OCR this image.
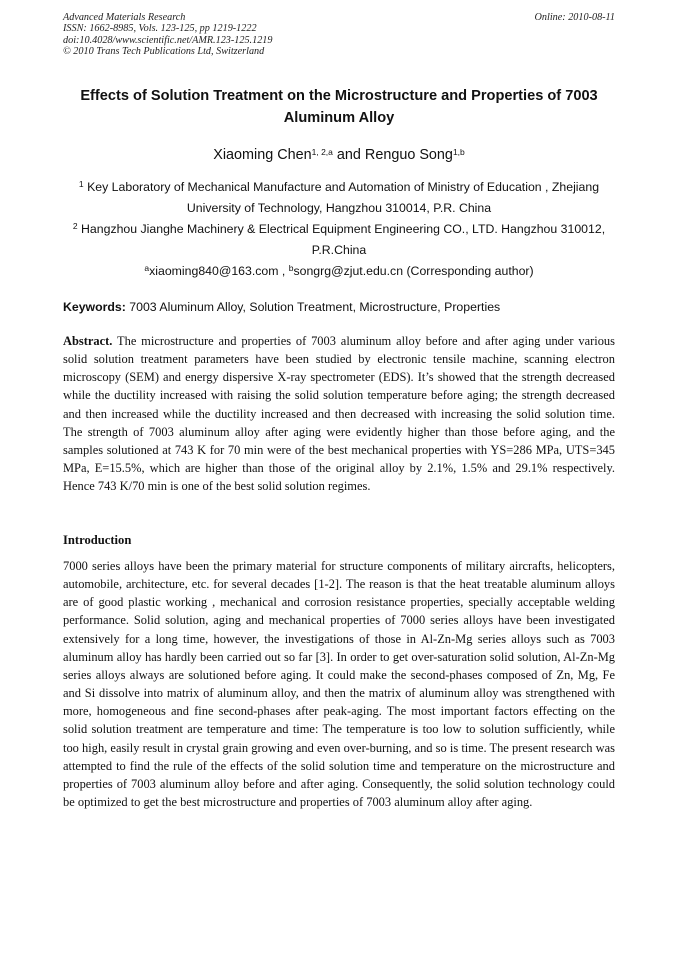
Advanced Materials Research
ISSN: 1662-8985, Vols. 123-125, pp 1219-1222
doi:10.4028/www.scientific.net/AMR.123-125.1219
© 2010 Trans Tech Publications Ltd, Switzerland
Online: 2010-08-11
Effects of Solution Treatment on the Microstructure and Properties of 7003 Aluminum Alloy
Xiaoming Chen$^{1, 2,a}$ and Renguo Song$^{1,b}$
$^1$ Key Laboratory of Mechanical Manufacture and Automation of Ministry of Education , Zhejiang University of Technology, Hangzhou 310014, P.R. China
$^2$ Hangzhou Jianghe Machinery & Electrical Equipment Engineering CO., LTD. Hangzhou 310012, P.R.China
$^a$xiaoming840@163.com , $^b$songrg@zjut.edu.cn (Corresponding author)
Keywords: 7003 Aluminum Alloy, Solution Treatment, Microstructure, Properties
Abstract. The microstructure and properties of 7003 aluminum alloy before and after aging under various solid solution treatment parameters have been studied by electronic tensile machine, scanning electron microscopy (SEM) and energy dispersive X-ray spectrometer (EDS). It’s showed that the strength decreased while the ductility increased with raising the solid solution temperature before aging; the strength decreased and then increased while the ductility increased and then decreased with increasing the solid solution time. The strength of 7003 aluminum alloy after aging were evidently higher than those before aging, and the samples solutioned at 743 K for 70 min were of the best mechanical properties with YS=286 MPa, UTS=345 MPa, E=15.5%, which are higher than those of the original alloy by 2.1%, 1.5% and 29.1% respectively. Hence 743 K/70 min is one of the best solid solution regimes.
Introduction
7000 series alloys have been the primary material for structure components of military aircrafts, helicopters, automobile, architecture, etc. for several decades [1-2]. The reason is that the heat treatable aluminum alloys are of good plastic working , mechanical and corrosion resistance properties, specially acceptable welding performance. Solid solution, aging and mechanical properties of 7000 series alloys have been investigated extensively for a long time, however, the investigations of those in Al-Zn-Mg series alloys such as 7003 aluminum alloy has hardly been carried out so far [3]. In order to get over-saturation solid solution, Al-Zn-Mg series alloys always are solutioned before aging. It could make the second-phases composed of Zn, Mg, Fe and Si dissolve into matrix of aluminum alloy, and then the matrix of aluminum alloy was strengthened with more, homogeneous and fine second-phases after peak-aging. The most important factors effecting on the solid solution treatment are temperature and time: The temperature is too low to solution sufficiently, while too high, easily result in crystal grain growing and even over-burning, and so is time. The present research was attempted to find the rule of the effects of the solid solution time and temperature on the microstructure and properties of 7003 aluminum alloy before and after aging. Consequently, the solid solution technology could be optimized to get the best microstructure and properties of 7003 aluminum alloy after aging.
